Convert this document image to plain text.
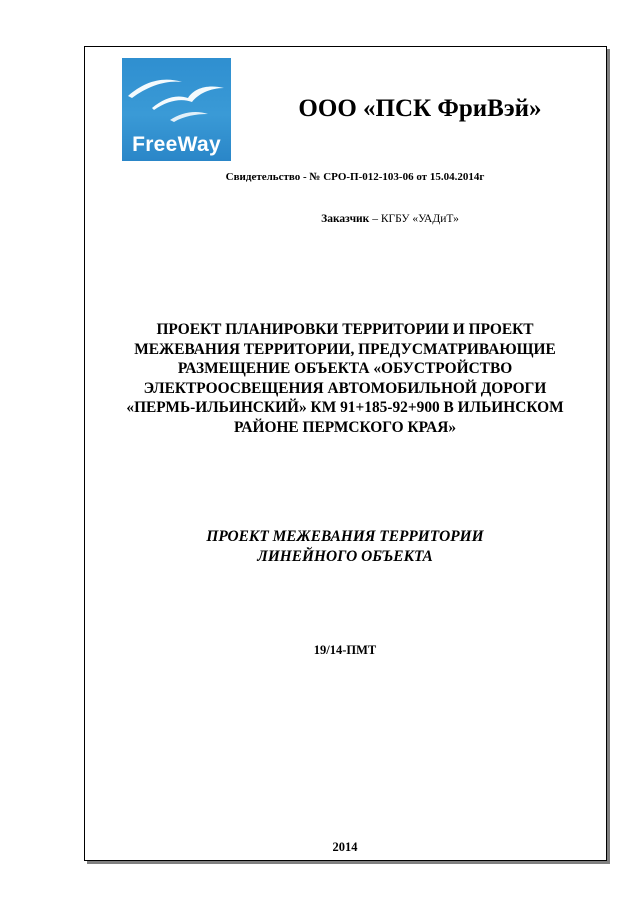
FreeWay
ООО «ПСК ФриВэй»
Свидетельство - № СРО-П-012-103-06 от 15.04.2014г
Заказчик – КГБУ «УАДиТ»
ПРОЕКТ ПЛАНИРОВКИ ТЕРРИТОРИИ И ПРОЕКТ
МЕЖЕВАНИЯ ТЕРРИТОРИИ, ПРЕДУСМАТРИВАЮЩИЕ
РАЗМЕЩЕНИЕ ОБЪЕКТА «ОБУСТРОЙСТВО
ЭЛЕКТРООСВЕЩЕНИЯ АВТОМОБИЛЬНОЙ ДОРОГИ
«ПЕРМЬ-ИЛЬИНСКИЙ» КМ 91+185-92+900 В ИЛЬИНСКОМ
РАЙОНЕ ПЕРМСКОГО КРАЯ»
ПРОЕКТ МЕЖЕВАНИЯ ТЕРРИТОРИИ
ЛИНЕЙНОГО ОБЪЕКТА
19/14-ПМТ
2014
